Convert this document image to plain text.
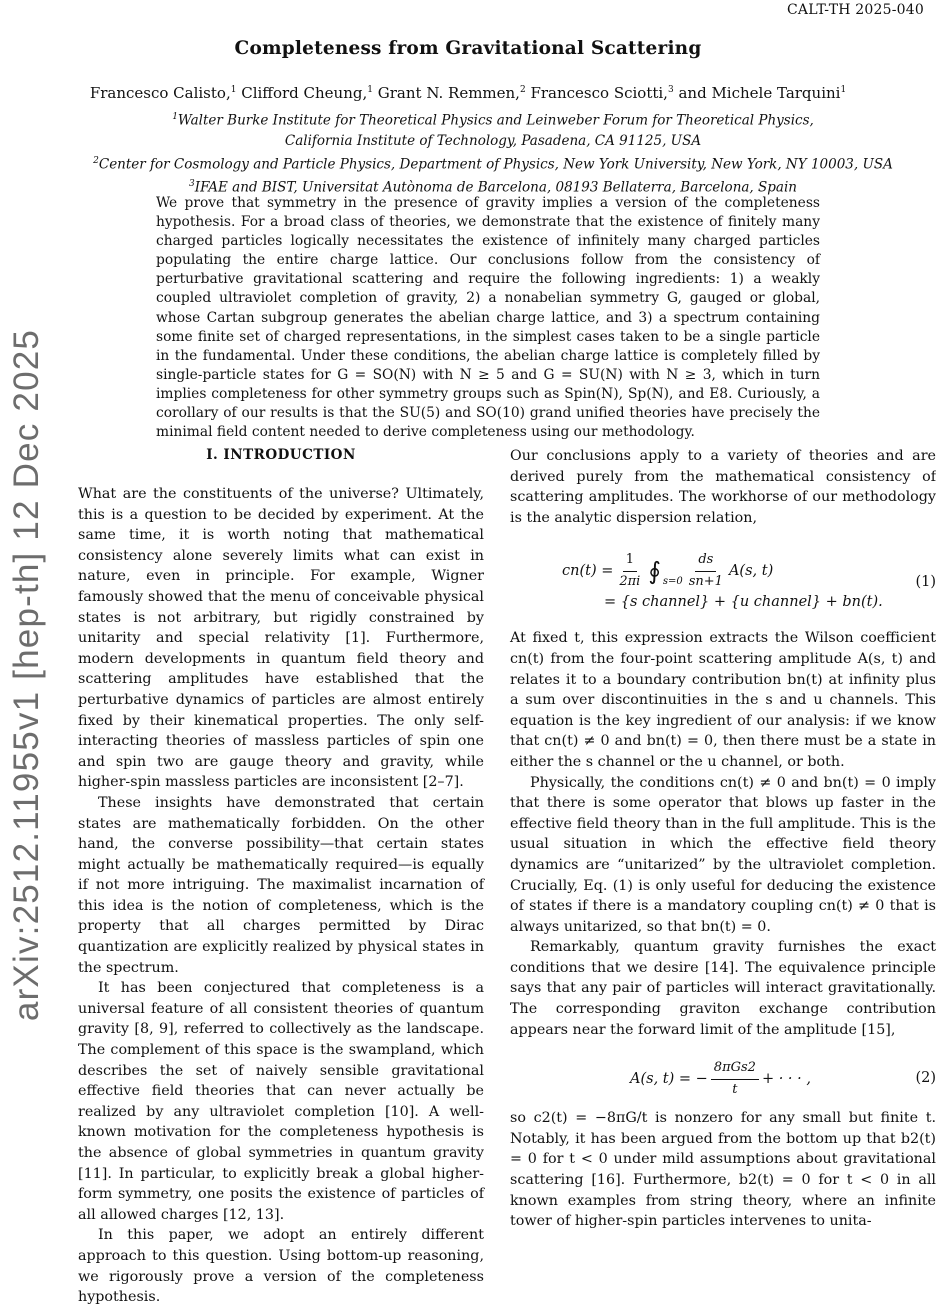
CALT-TH 2025-040
arXiv:2512.11955v1 [hep-th] 12 Dec 2025
Completeness from Gravitational Scattering
Francesco Calisto,$^1$ Clifford Cheung,$^1$ Grant N. Remmen,$^2$ Francesco Sciotti,$^3$ and Michele Tarquini$^1$
$^1$Walter Burke Institute for Theoretical Physics and Leinweber Forum for Theoretical Physics,
California Institute of Technology, Pasadena, CA 91125, USA
$^2$Center for Cosmology and Particle Physics, Department of Physics, New York University, New York, NY 10003, USA
$^3$IFAE and BIST, Universitat Autònoma de Barcelona, 08193 Bellaterra, Barcelona, Spain
We prove that symmetry in the presence of gravity implies a version of the completeness hypothesis. For a broad class of theories, we demonstrate that the existence of finitely many charged particles logically necessitates the existence of infinitely many charged particles populating the entire charge lattice. Our conclusions follow from the consistency of perturbative gravitational scattering and require the following ingredients: 1) a weakly coupled ultraviolet completion of gravity, 2) a nonabelian symmetry G, gauged or global, whose Cartan subgroup generates the abelian charge lattice, and 3) a spectrum containing some finite set of charged representations, in the simplest cases taken to be a single particle in the fundamental. Under these conditions, the abelian charge lattice is completely filled by single-particle states for G = SO(N) with N ≥ 5 and G = SU(N) with N ≥ 3, which in turn implies completeness for other symmetry groups such as Spin(N), Sp(N), and E8. Curiously, a corollary of our results is that the SU(5) and SO(10) grand unified theories have precisely the minimal field content needed to derive completeness using our methodology.
I. INTRODUCTION

What are the constituents of the universe? Ultimately, this is a question to be decided by experiment. At the same time, it is worth noting that mathematical consistency alone severely limits what can exist in nature, even in principle. For example, Wigner famously showed that the menu of conceivable physical states is not arbitrary, but rigidly constrained by unitarity and special relativity [1]. Furthermore, modern developments in quantum field theory and scattering amplitudes have established that the perturbative dynamics of particles are almost entirely fixed by their kinematical properties. The only self-interacting theories of massless particles of spin one and spin two are gauge theory and gravity, while higher-spin massless particles are inconsistent [2–7].

These insights have demonstrated that certain states are mathematically forbidden. On the other hand, the converse possibility—that certain states might actually be mathematically required—is equally if not more intriguing. The maximalist incarnation of this idea is the notion of completeness, which is the property that all charges permitted by Dirac quantization are explicitly realized by physical states in the spectrum.

It has been conjectured that completeness is a universal feature of all consistent theories of quantum gravity [8, 9], referred to collectively as the landscape. The complement of this space is the swampland, which describes the set of naively sensible gravitational effective field theories that can never actually be realized by any ultraviolet completion [10]. A well-known motivation for the completeness hypothesis is the absence of global symmetries in quantum gravity [11]. In particular, to explicitly break a global higher-form symmetry, one posits the existence of particles of all allowed charges [12, 13].

In this paper, we adopt an entirely different approach to this question. Using bottom-up reasoning, we rigorously prove a version of the completeness hypothesis.

Our conclusions apply to a variety of theories and are derived purely from the mathematical consistency of scattering amplitudes. The workhorse of our methodology is the analytic dispersion relation,

$cn(t) = \frac{1}{2\pi i}$ ∮ $s=0 \frac{ds}{sn+1} A(s$, t)
= {s channel} + {u channel} + bn(t).
(1)

At fixed t, this expression extracts the Wilson coefficient cn(t) from the four-point scattering amplitude A(s, t) and relates it to a boundary contribution bn(t) at infinity plus a sum over discontinuities in the s and u channels. This equation is the key ingredient of our analysis: if we know that cn(t) ≠ 0 and bn(t) = 0, then there must be a state in either the s channel or the u channel, or both.

Physically, the conditions cn(t) ≠ 0 and bn(t) = 0 imply that there is some operator that blows up faster in the effective field theory than in the full amplitude. This is the usual situation in which the effective field theory dynamics are “unitarized” by the ultraviolet completion. Crucially, Eq. (1) is only useful for deducing the existence of states if there is a mandatory coupling cn(t) ≠ 0 that is always unitarized, so that bn(t) = 0.

Remarkably, quantum gravity furnishes the exact conditions that we desire [14]. The equivalence principle says that any pair of particles will interact gravitationally. The corresponding graviton exchange contribution appears near the forward limit of the amplitude [15],

A(s, t) = − $\frac{\text{8πGs2}}{t}$ + · · · ,	(2)

so c2(t) = −8πG/t is nonzero for any small but finite t. Notably, it has been argued from the bottom up that b2(t) = 0 for t < 0 under mild assumptions about gravitational scattering [16]. Furthermore, b2(t) = 0 for t < 0 in all known examples from string theory, where an infinite tower of higher-spin particles intervenes to unita-
